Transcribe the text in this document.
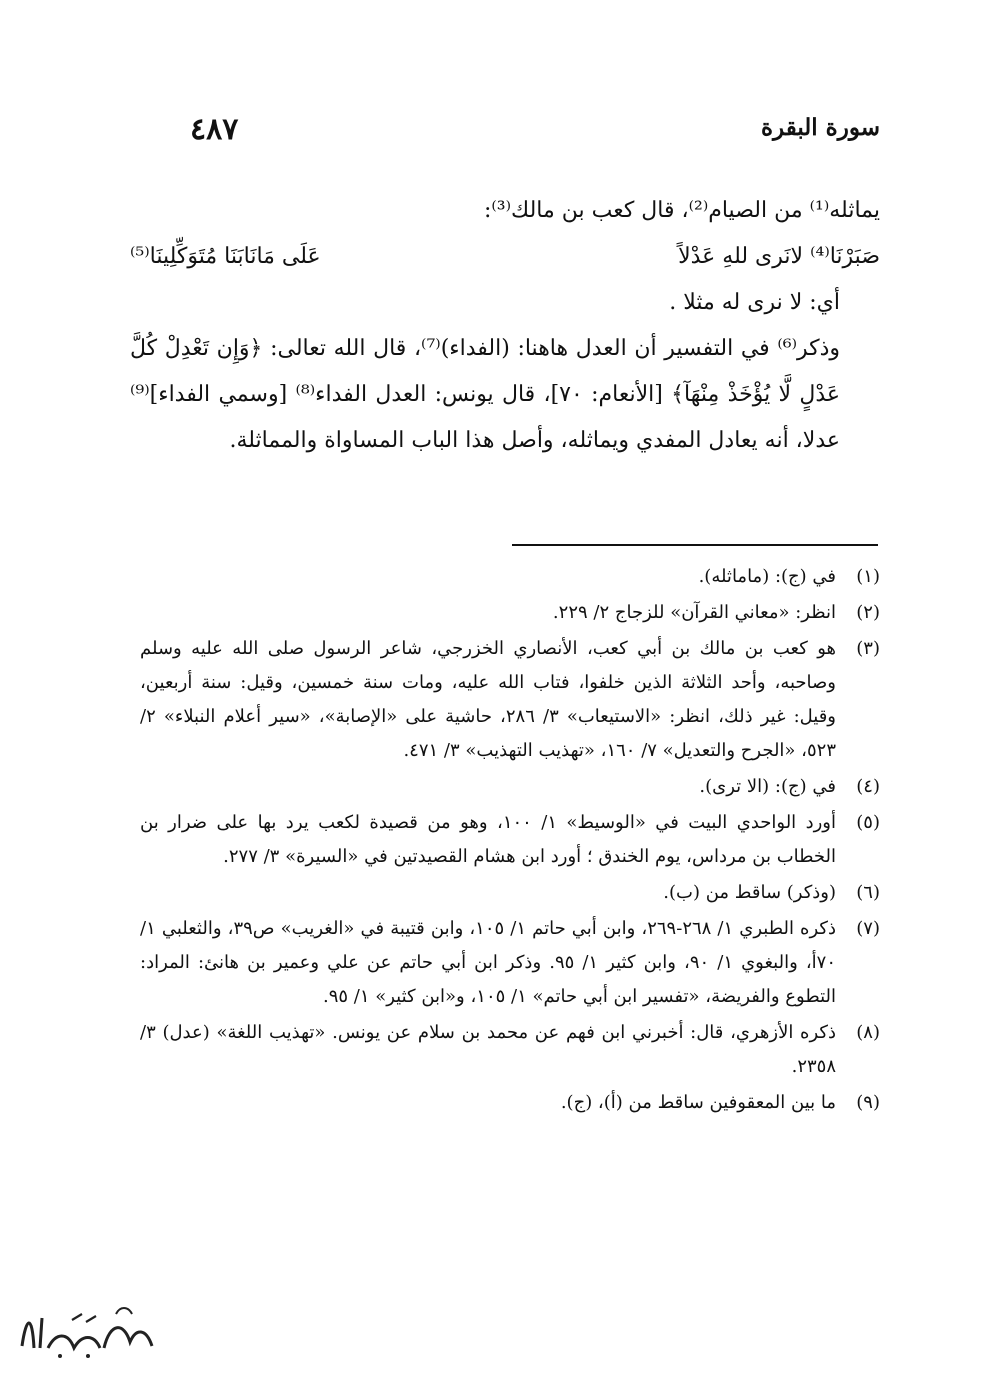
٤٨٧	سورة البقرة

يماثله⁽¹⁾ من الصيام⁽²⁾، قال كعب بن مالك⁽³⁾:

صَبَرْنَا⁽⁴⁾ لانَرى للهِ عَدْلاً
عَلَى مَانَابَنَا مُتَوَكِّلِينَا⁽⁵⁾

أي: لا نرى له مثلا .

وذكر⁽⁶⁾ في التفسير أن العدل هاهنا: (الفداء)⁽⁷⁾، قال الله تعالى: ﴿وَإِن تَعْدِلْ كُلَّ عَدْلٍ لَّا يُؤْخَذْ مِنْهَآ﴾ [الأنعام: ٧٠]، قال يونس: العدل الفداء⁽⁸⁾ [وسمي الفداء]⁽⁹⁾ عدلا، أنه يعادل المفدي ويماثله، وأصل هذا الباب المساواة والمماثلة.

(١)
في (ج): (ماماثله).
(٢)
انظر: «معاني القرآن» للزجاج ٢/ ٢٢٩.
(٣)
هو كعب بن مالك بن أبي كعب، الأنصاري الخزرجي، شاعر الرسول صلى الله عليه وسلم وصاحبه، وأحد الثلاثة الذين خلفوا، فتاب الله عليه، ومات سنة خمسين، وقيل: سنة أربعين، وقيل: غير ذلك، انظر: «الاستيعاب» ٣/ ٢٨٦، حاشية على «الإصابة»، «سير أعلام النبلاء» ٢/ ٥٢٣، «الجرح والتعديل» ٧/ ١٦٠، «تهذيب التهذيب» ٣/ ٤٧١.
(٤)
في (ج): (الا ترى).
(٥)
أورد الواحدي البيت في «الوسيط» ١/ ١٠٠، وهو من قصيدة لكعب يرد بها على ضرار بن الخطاب بن مرداس، يوم الخندق ؛ أورد ابن هشام القصيدتين في «السيرة» ٣/ ٢٧٧.
(٦)
(وذكر) ساقط من (ب).
(٧)
ذكره الطبري ١/ ٢٦٨-٢٦٩، وابن أبي حاتم ١/ ١٠٥، وابن قتيبة في «الغريب» ص٣٩، والثعلبي ١/ ٧٠أ، والبغوي ١/ ٩٠، وابن كثير ١/ ٩٥. وذكر ابن أبي حاتم عن علي وعمير بن هانئ: المراد: التطوع والفريضة، «تفسير ابن أبي حاتم» ١/ ١٠٥، و«ابن كثير» ١/ ٩٥.
(٨)
ذكره الأزهري، قال: أخبرني ابن فهم عن محمد بن سلام عن يونس. «تهذيب اللغة» (عدل) ٣/ ٢٣٥٨.
(٩)
ما بين المعقوفين ساقط من (أ)، (ج).
